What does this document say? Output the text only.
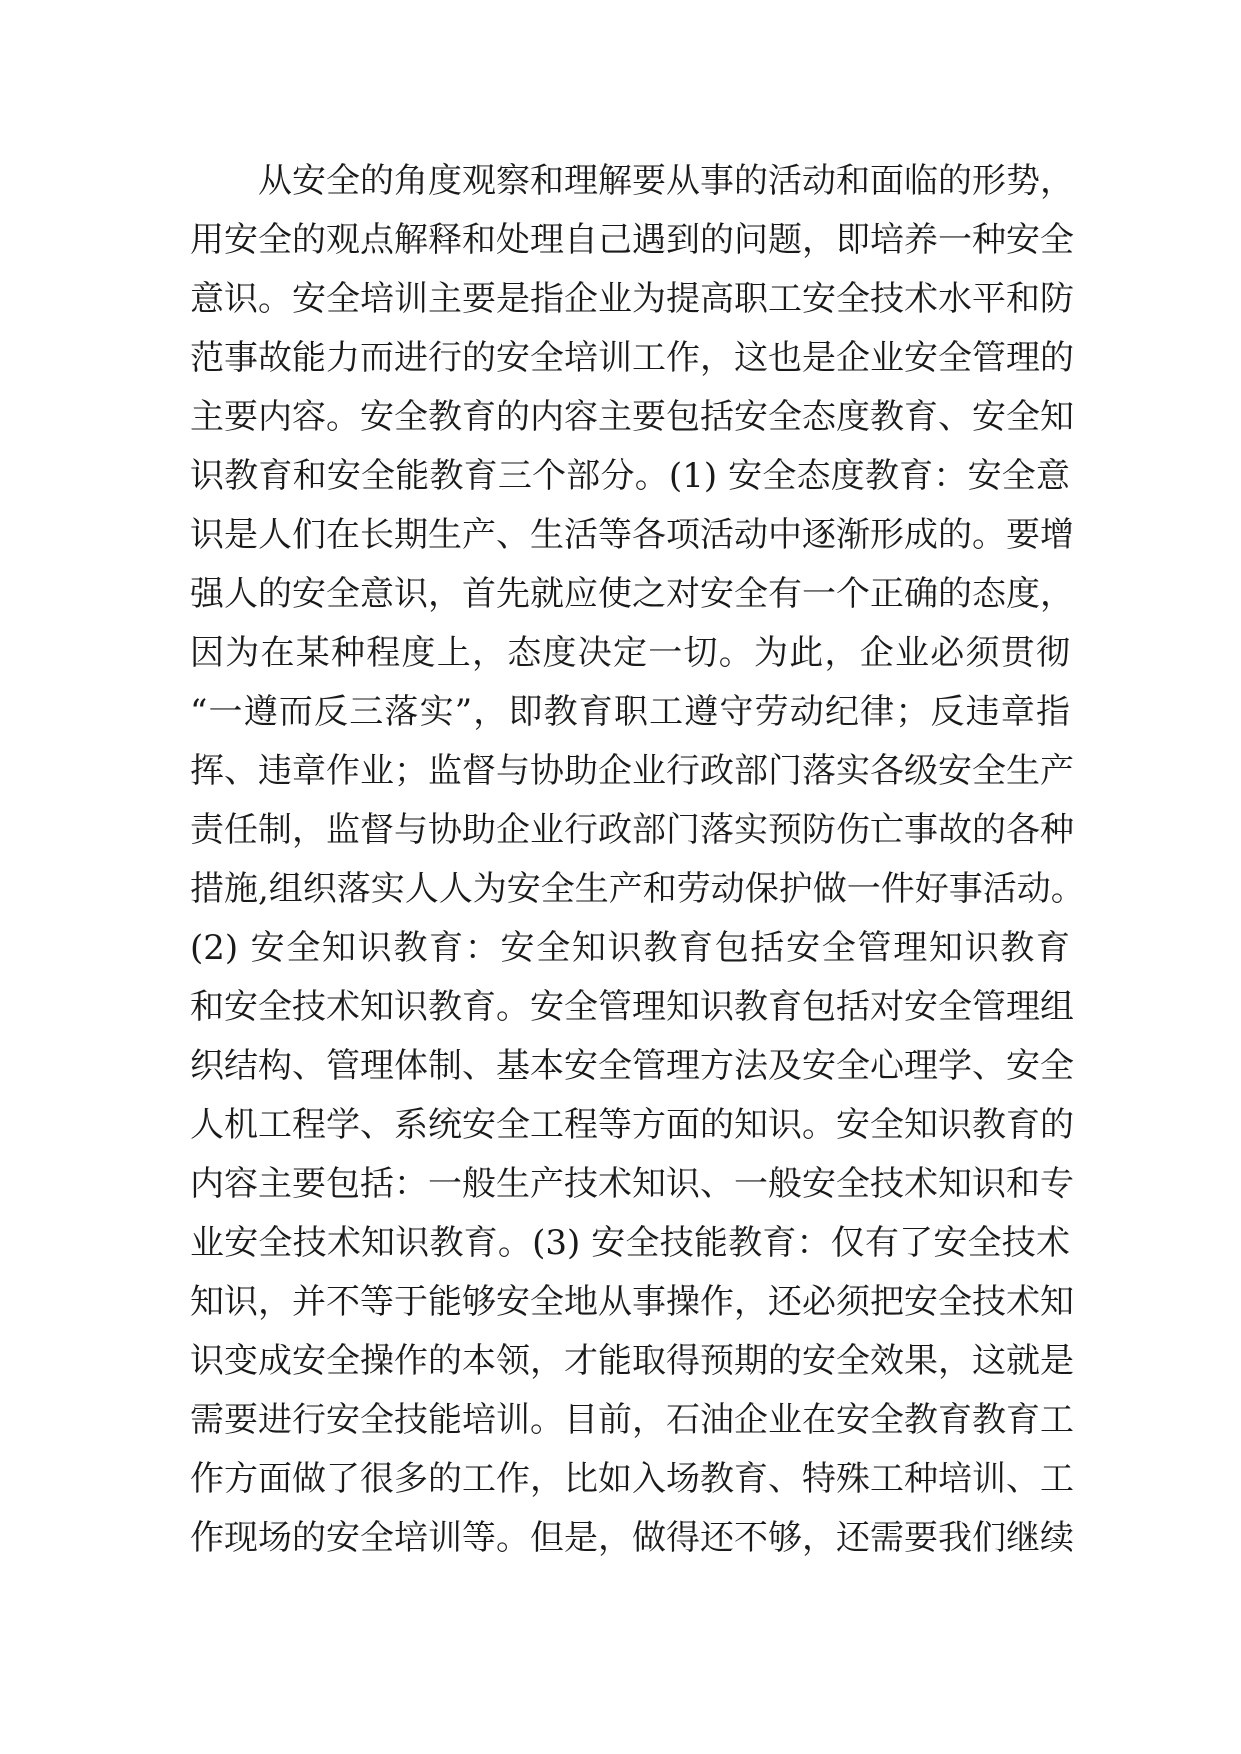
从安全的角度观察和理解要从事的活动和面临的形势，
用安全的观点解释和处理自己遇到的问题，即培养一种安全
意识。安全培训主要是指企业为提高职工安全技术水平和防
范事故能力而进行的安全培训工作，这也是企业安全管理的
主要内容。安全教育的内容主要包括安全态度教育、安全知
识教育和安全能教育三个部分。(1) 安全态度教育：安全意
识是人们在长期生产、生活等各项活动中逐渐形成的。要增
强人的安全意识，首先就应使之对安全有一个正确的态度，
因为在某种程度上，态度决定一切。为此，企业必须贯彻
“一遵而反三落实”，即教育职工遵守劳动纪律；反违章指
挥、违章作业；监督与协助企业行政部门落实各级安全生产
责任制，监督与协助企业行政部门落实预防伤亡事故的各种
措施,组织落实人人为安全生产和劳动保护做一件好事活动。
(2) 安全知识教育：安全知识教育包括安全管理知识教育
和安全技术知识教育。安全管理知识教育包括对安全管理组
织结构、管理体制、基本安全管理方法及安全心理学、安全
人机工程学、系统安全工程等方面的知识。安全知识教育的
内容主要包括：一般生产技术知识、一般安全技术知识和专
业安全技术知识教育。(3) 安全技能教育：仅有了安全技术
知识，并不等于能够安全地从事操作，还必须把安全技术知
识变成安全操作的本领，才能取得预期的安全效果，这就是
需要进行安全技能培训。目前，石油企业在安全教育教育工
作方面做了很多的工作，比如入场教育、特殊工种培训、工
作现场的安全培训等。但是，做得还不够，还需要我们继续
